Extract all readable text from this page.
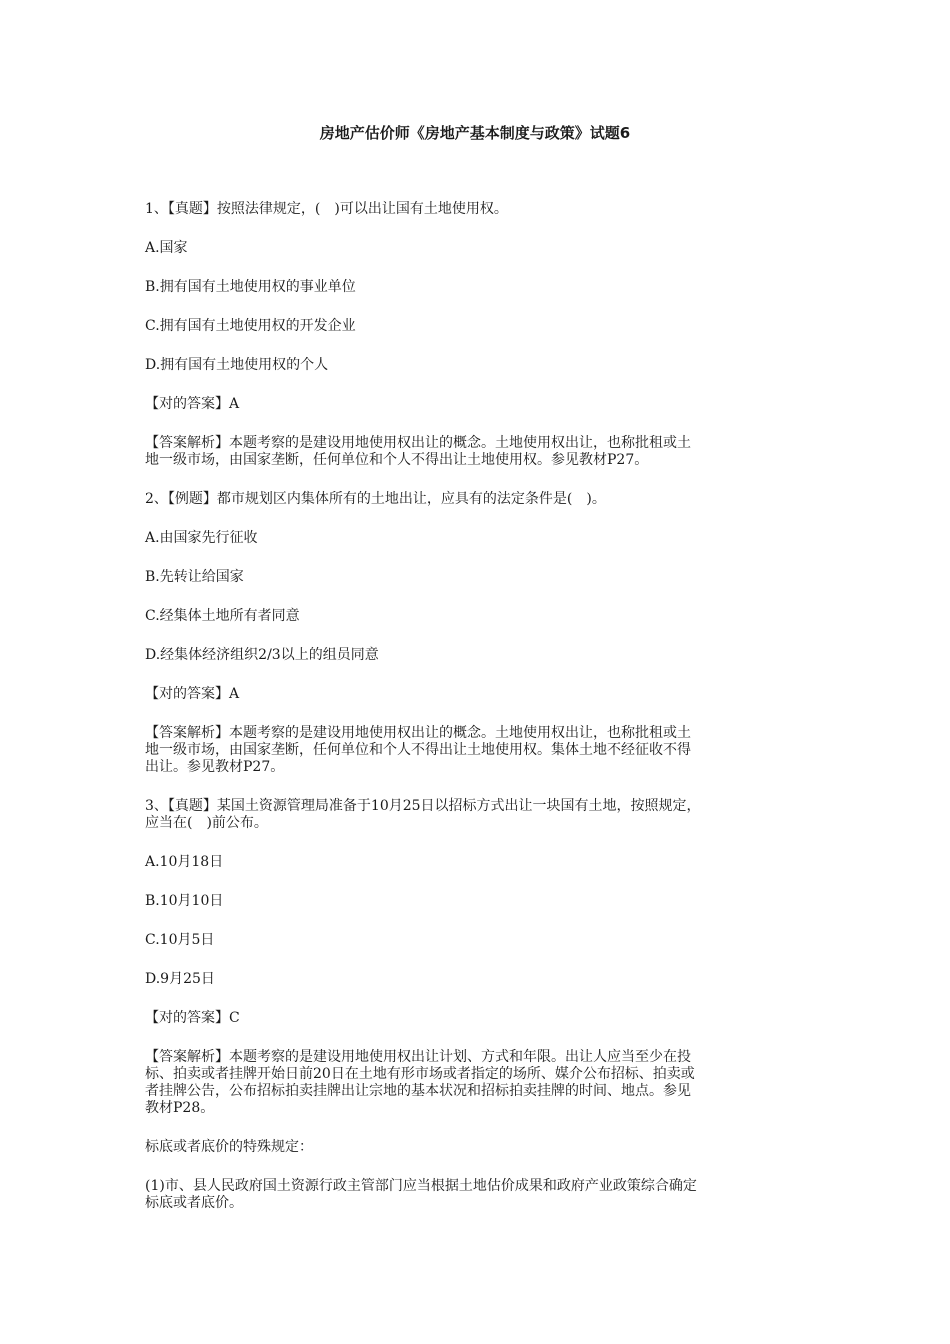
房地产估价师《房地产基本制度与政策》试题6

1、【真题】按照法律规定，(　)可以出让国有土地使用权。

A.国家

B.拥有国有土地使用权的事业单位

C.拥有国有土地使用权的开发企业

D.拥有国有土地使用权的个人

【对的答案】A

【答案解析】本题考察的是建设用地使用权出让的概念。土地使用权出让，也称批租或土
地一级市场，由国家垄断，任何单位和个人不得出让土地使用权。参见教材P27。

2、【例题】都市规划区内集体所有的土地出让，应具有的法定条件是(　)。

A.由国家先行征收

B.先转让给国家

C.经集体土地所有者同意

D.经集体经济组织2/3以上的组员同意

【对的答案】A

【答案解析】本题考察的是建设用地使用权出让的概念。土地使用权出让，也称批租或土
地一级市场，由国家垄断，任何单位和个人不得出让土地使用权。集体土地不经征收不得
出让。参见教材P27。

3、【真题】某国土资源管理局准备于10月25日以招标方式出让一块国有土地，按照规定，
应当在(　)前公布。

A.10月18日

B.10月10日

C.10月5日

D.9月25日

【对的答案】C

【答案解析】本题考察的是建设用地使用权出让计划、方式和年限。出让人应当至少在投
标、拍卖或者挂牌开始日前20日在土地有形市场或者指定的场所、媒介公布招标、拍卖或
者挂牌公告，公布招标拍卖挂牌出让宗地的基本状况和招标拍卖挂牌的时间、地点。参见
教材P28。

标底或者底价的特殊规定：

(1)市、县人民政府国土资源行政主管部门应当根据土地估价成果和政府产业政策综合确定
标底或者底价。
